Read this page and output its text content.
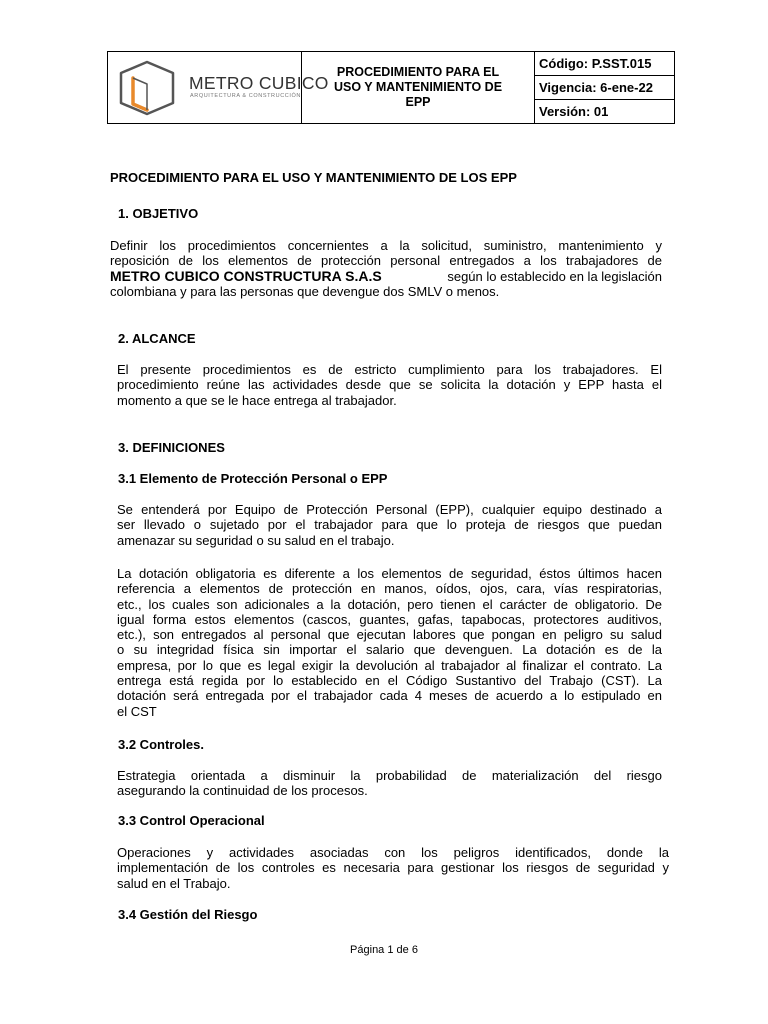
METRO CUBICO
ARQUITECTURA & CONSTRUCCIÓN
PROCEDIMIENTO PARA EL
USO Y MANTENIMIENTO DE
EPP
Código: P.SST.015
Vigencia: 6-ene-22
Versión: 01
PROCEDIMIENTO PARA EL USO Y MANTENIMIENTO DE LOS EPP
1. OBJETIVO
Definir los procedimientos concernientes a la solicitud, suministro, mantenimiento y
reposición de los elementos de protección personal entregados a los trabajadores de
METRO CUBICO CONSTRUCTURA S.A.S	según lo establecido en la legislación
colombiana y para las personas que devengue dos SMLV o menos.
2. ALCANCE
El presente procedimientos es de estricto cumplimiento para los trabajadores. El
procedimiento reúne las actividades desde que se solicita la dotación y EPP hasta el
momento a que se le hace entrega al trabajador.
3. DEFINICIONES
3.1 Elemento de Protección Personal o EPP
Se entenderá por Equipo de Protección Personal (EPP), cualquier equipo destinado a
ser llevado o sujetado por el trabajador para que lo proteja de riesgos que puedan
amenazar su seguridad o su salud en el trabajo.
La dotación obligatoria es diferente a los elementos de seguridad, éstos últimos hacen
referencia a elementos de protección en manos, oídos, ojos, cara, vías respiratorias,
etc., los cuales son adicionales a la dotación, pero tienen el carácter de obligatorio. De
igual forma estos elementos (cascos, guantes, gafas, tapabocas, protectores auditivos,
etc.), son entregados al personal que ejecutan labores que pongan en peligro su salud
o su integridad física sin importar el salario que devenguen. La dotación es de la
empresa, por lo que es legal exigir la devolución al trabajador al finalizar el contrato. La
entrega está regida por lo establecido en el Código Sustantivo del Trabajo (CST). La
dotación será entregada por el trabajador cada 4 meses de acuerdo a lo estipulado en
el CST
3.2 Controles.
Estrategia orientada a disminuir la probabilidad de materialización del riesgo
asegurando la continuidad de los procesos.
3.3 Control Operacional
Operaciones y actividades asociadas con los peligros identificados, donde la
implementación de los controles es necesaria para gestionar los riesgos de seguridad y
salud en el Trabajo.
3.4 Gestión del Riesgo
Página 1 de 6
